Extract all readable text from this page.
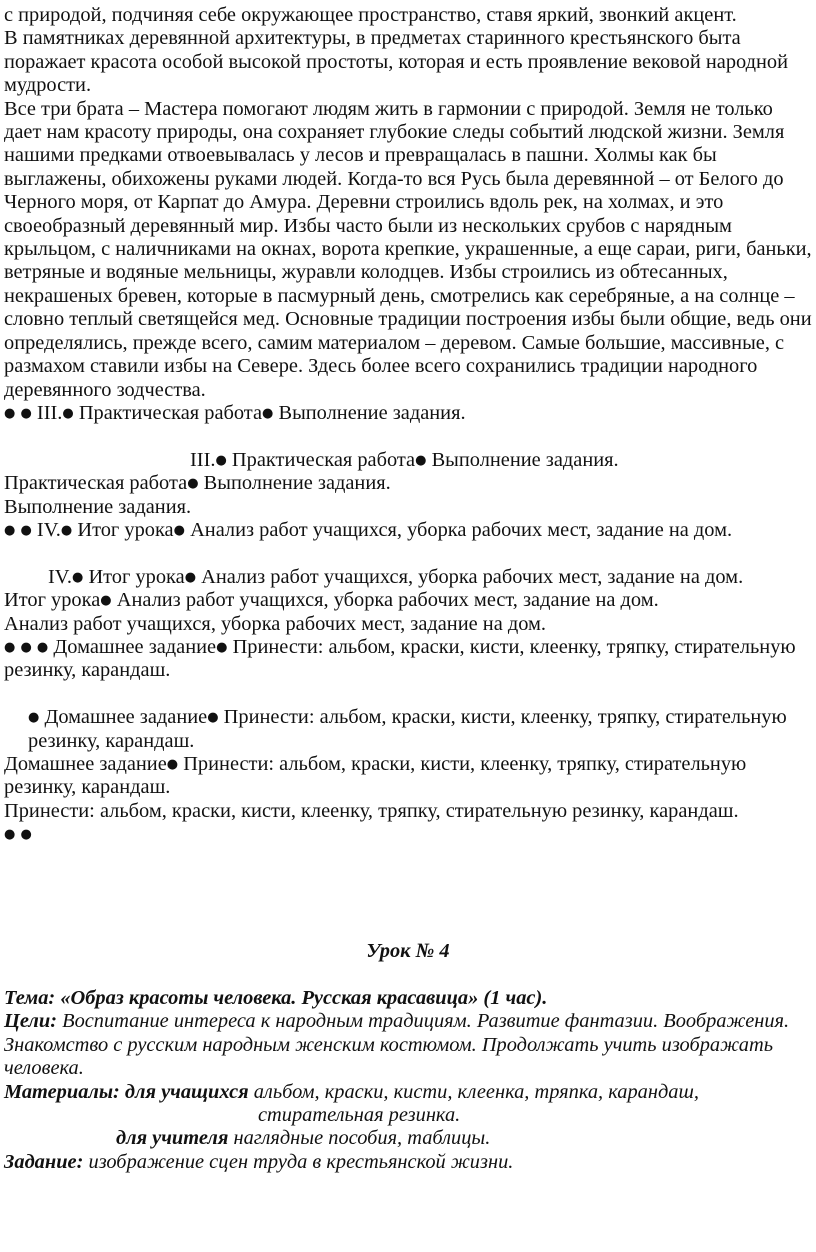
с природой, подчиняя себе окружающее пространство, ставя яркий, звонкий акцент.

В памятниках деревянной архитектуры, в предметах старинного крестьянского быта поражает красота особой высокой простоты, которая и есть проявление вековой народной мудрости.

Все три брата – Мастера помогают людям жить в гармонии с природой. Земля не только дает нам красоту природы, она сохраняет глубокие следы событий людской жизни. Земля нашими предками отвоевывалась у лесов и превращалась в пашни. Холмы как бы выглажены, обихожены руками людей. Когда-то вся Русь была деревянной – от Белого до Черного моря, от Карпат до Амура. Деревни строились вдоль рек, на холмах, и это своеобразный деревянный мир. Избы часто были из нескольких срубов с нарядным крыльцом, с наличниками на окнах, ворота крепкие, украшенные, а еще сараи, риги, баньки, ветряные и водяные мельницы, журавли колодцев. Избы строились из обтесанных, некрашеных бревен, которые в пасмурный день, смотрелись как серебряные, а на солнце – словно теплый светящейся мед. Основные традиции построения избы были общие, ведь они определялись, прежде всего, самим материалом – деревом. Самые большие, массивные, с размахом ставили избы на Севере. Здесь более всего сохранились традиции народного деревянного зодчества.

● ● III.● Практическая работа● Выполнение задания.

III.● Практическая работа● Выполнение задания.

Практическая работа● Выполнение задания.

Выполнение задания.

● ● IV.● Итог урока● Анализ работ учащихся, уборка рабочих мест, задание на дом.

IV.● Итог урока● Анализ работ учащихся, уборка рабочих мест, задание на дом.

Итог урока● Анализ работ учащихся, уборка рабочих мест, задание на дом.

Анализ работ учащихся, уборка рабочих мест, задание на дом.

● ● ● Домашнее задание● Принести: альбом, краски, кисти, клеенку, тряпку, стирательную резинку, карандаш.

● Домашнее задание● Принести: альбом, краски, кисти, клеенку, тряпку, стирательную резинку, карандаш.

Домашнее задание● Принести: альбом, краски, кисти, клеенку, тряпку, стирательную резинку, карандаш.

Принести: альбом, краски, кисти, клеенку, тряпку, стирательную резинку, карандаш.

● ●

Урок № 4

Тема: «Образ красоты человека. Русская красавица» (1 час).

Цели: Воспитание интереса к народным традициям. Развитие фантазии. Воображения. Знакомство с русским народным женским костюмом. Продолжать учить изображать человека.

Материалы: для учащихся альбом, краски, кисти, клеенка, тряпка, карандаш,

стирательная резинка.

для учителя наглядные пособия, таблицы.

Задание: изображение сцен труда в крестьянской жизни.
